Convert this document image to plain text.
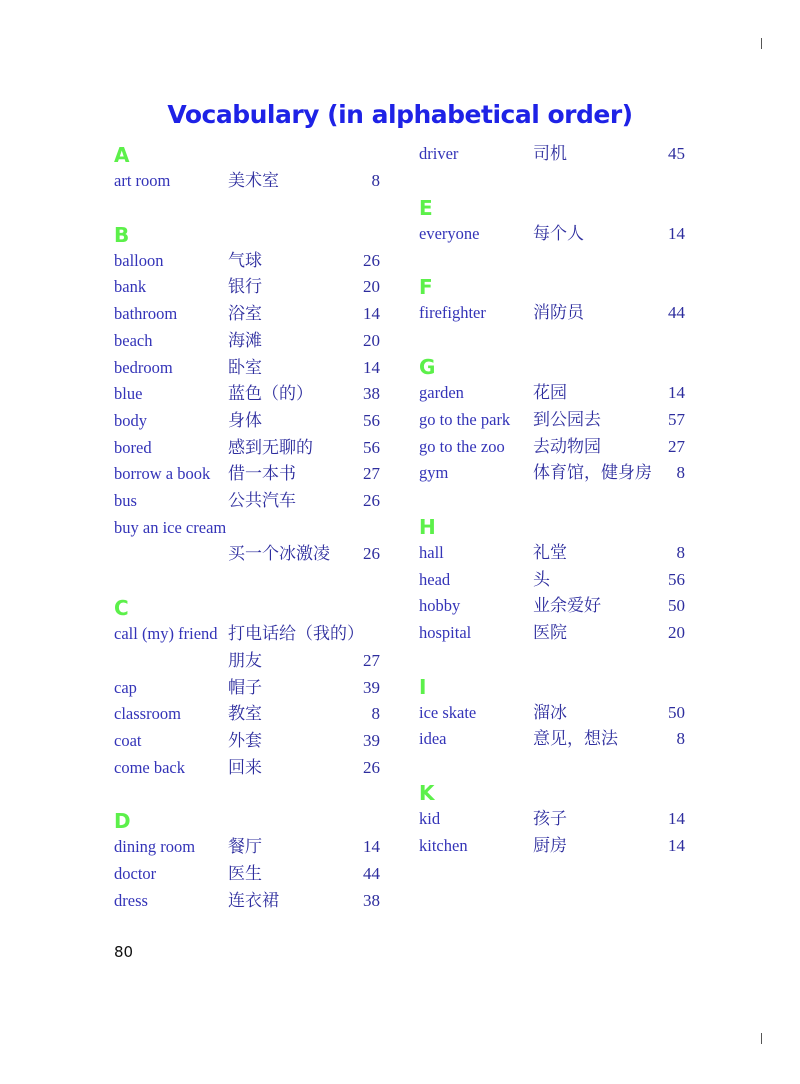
Vocabulary (in alphabetical order)
A
art room	美术室	8
B
balloon	气球	26
bank	银行	20
bathroom	浴室	14
beach	海滩	20
bedroom	卧室	14
blue	蓝色（的）	38
body	身体	56
bored	感到无聊的	56
borrow a book 借一本书	27
bus	公共汽车	26
buy an ice cream
买一个冰激凌	26
C
call (my) friend 打电话给（我的）
朋友	27
cap	帽子	39
classroom	教室	8
coat	外套	39
come back	回来	26
D
dining room 餐厅	14
doctor	医生	44
dress	连衣裙	38
driver	司机	45
E
everyone	每个人	14
F
firefighter	消防员	44
G
garden	花园	14
go to the park 到公园去	57
go to the zoo 去动物园	27
gym	体育馆，健身房	8
H
hall	礼堂	8
head	头	56
hobby	业余爱好	50
hospital	医院	20
I
ice skate	溜冰	50
idea	意见，想法	8
K
kid	孩子	14
kitchen	厨房	14
80
